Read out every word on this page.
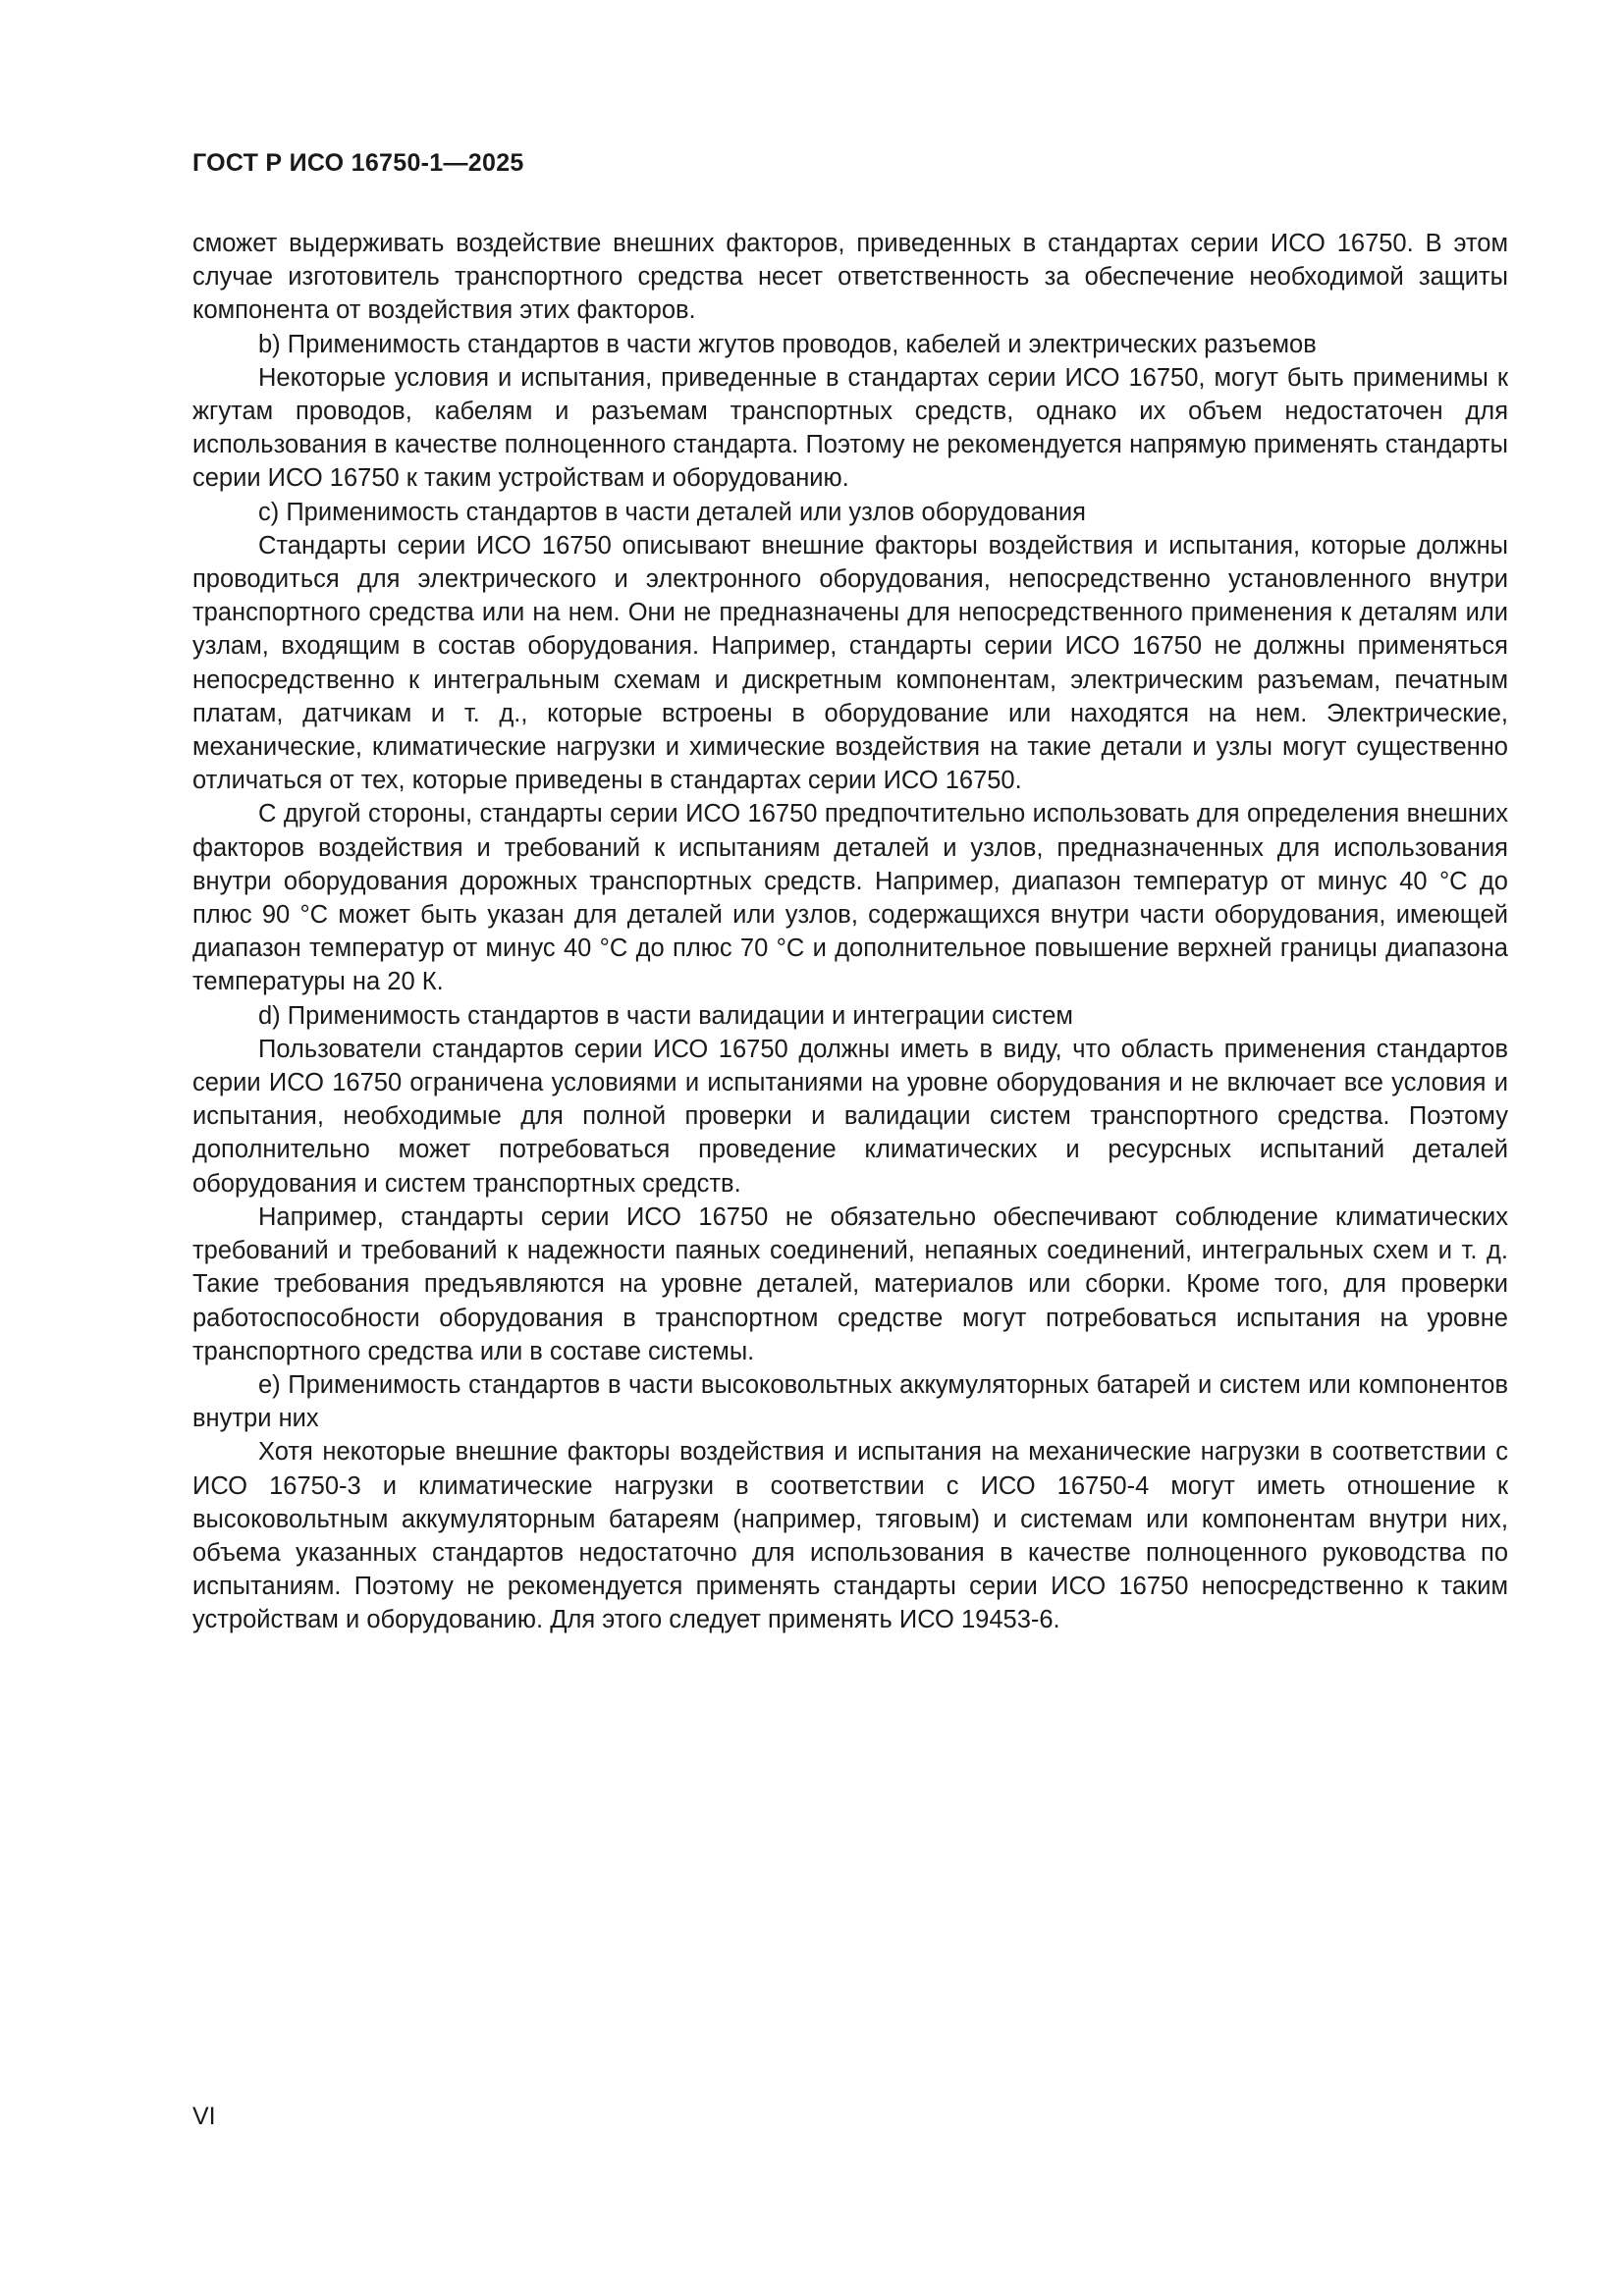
ГОСТ Р ИСО 16750-1—2025

сможет выдерживать воздействие внешних факторов, приведенных в стандартах серии ИСО 16750. В этом случае изготовитель транспортного средства несет ответственность за обеспечение необходимой защиты компонента от воздействия этих факторов.

b) Применимость стандартов в части жгутов проводов, кабелей и электрических разъемов

Некоторые условия и испытания, приведенные в стандартах серии ИСО 16750, могут быть применимы к жгутам проводов, кабелям и разъемам транспортных средств, однако их объем недостаточен для использования в качестве полноценного стандарта. Поэтому не рекомендуется напрямую применять стандарты серии ИСО 16750 к таким устройствам и оборудованию.

с) Применимость стандартов в части деталей или узлов оборудования

Стандарты серии ИСО 16750 описывают внешние факторы воздействия и испытания, которые должны проводиться для электрического и электронного оборудования, непосредственно установленного внутри транспортного средства или на нем. Они не предназначены для непосредственного применения к деталям или узлам, входящим в состав оборудования. Например, стандарты серии ИСО 16750 не должны применяться непосредственно к интегральным схемам и дискретным компонентам, электрическим разъемам, печатным платам, датчикам и т. д., которые встроены в оборудование или находятся на нем. Электрические, механические, климатические нагрузки и химические воздействия на такие детали и узлы могут существенно отличаться от тех, которые приведены в стандартах серии ИСО 16750.

С другой стороны, стандарты серии ИСО 16750 предпочтительно использовать для определения внешних факторов воздействия и требований к испытаниям деталей и узлов, предназначенных для использования внутри оборудования дорожных транспортных средств. Например, диапазон температур от минус 40 °С до плюс 90 °С может быть указан для деталей или узлов, содержащихся внутри части оборудования, имеющей диапазон температур от минус 40 °С до плюс 70 °С и дополнительное повышение верхней границы диапазона температуры на 20 К.

d) Применимость стандартов в части валидации и интеграции систем

Пользователи стандартов серии ИСО 16750 должны иметь в виду, что область применения стандартов серии ИСО 16750 ограничена условиями и испытаниями на уровне оборудования и не включает все условия и испытания, необходимые для полной проверки и валидации систем транспортного средства. Поэтому дополнительно может потребоваться проведение климатических и ресурсных испытаний деталей оборудования и систем транспортных средств.

Например, стандарты серии ИСО 16750 не обязательно обеспечивают соблюдение климатических требований и требований к надежности паяных соединений, непаяных соединений, интегральных схем и т. д. Такие требования предъявляются на уровне деталей, материалов или сборки. Кроме того, для проверки работоспособности оборудования в транспортном средстве могут потребоваться испытания на уровне транспортного средства или в составе системы.

е) Применимость стандартов в части высоковольтных аккумуляторных батарей и систем или компонентов внутри них

Хотя некоторые внешние факторы воздействия и испытания на механические нагрузки в соответствии с ИСО 16750-3 и климатические нагрузки в соответствии с ИСО 16750-4 могут иметь отношение к высоковольтным аккумуляторным батареям (например, тяговым) и системам или компонентам внутри них, объема указанных стандартов недостаточно для использования в качестве полноценного руководства по испытаниям. Поэтому не рекомендуется применять стандарты серии ИСО 16750 непосредственно к таким устройствам и оборудованию. Для этого следует применять ИСО 19453-6.

VI
